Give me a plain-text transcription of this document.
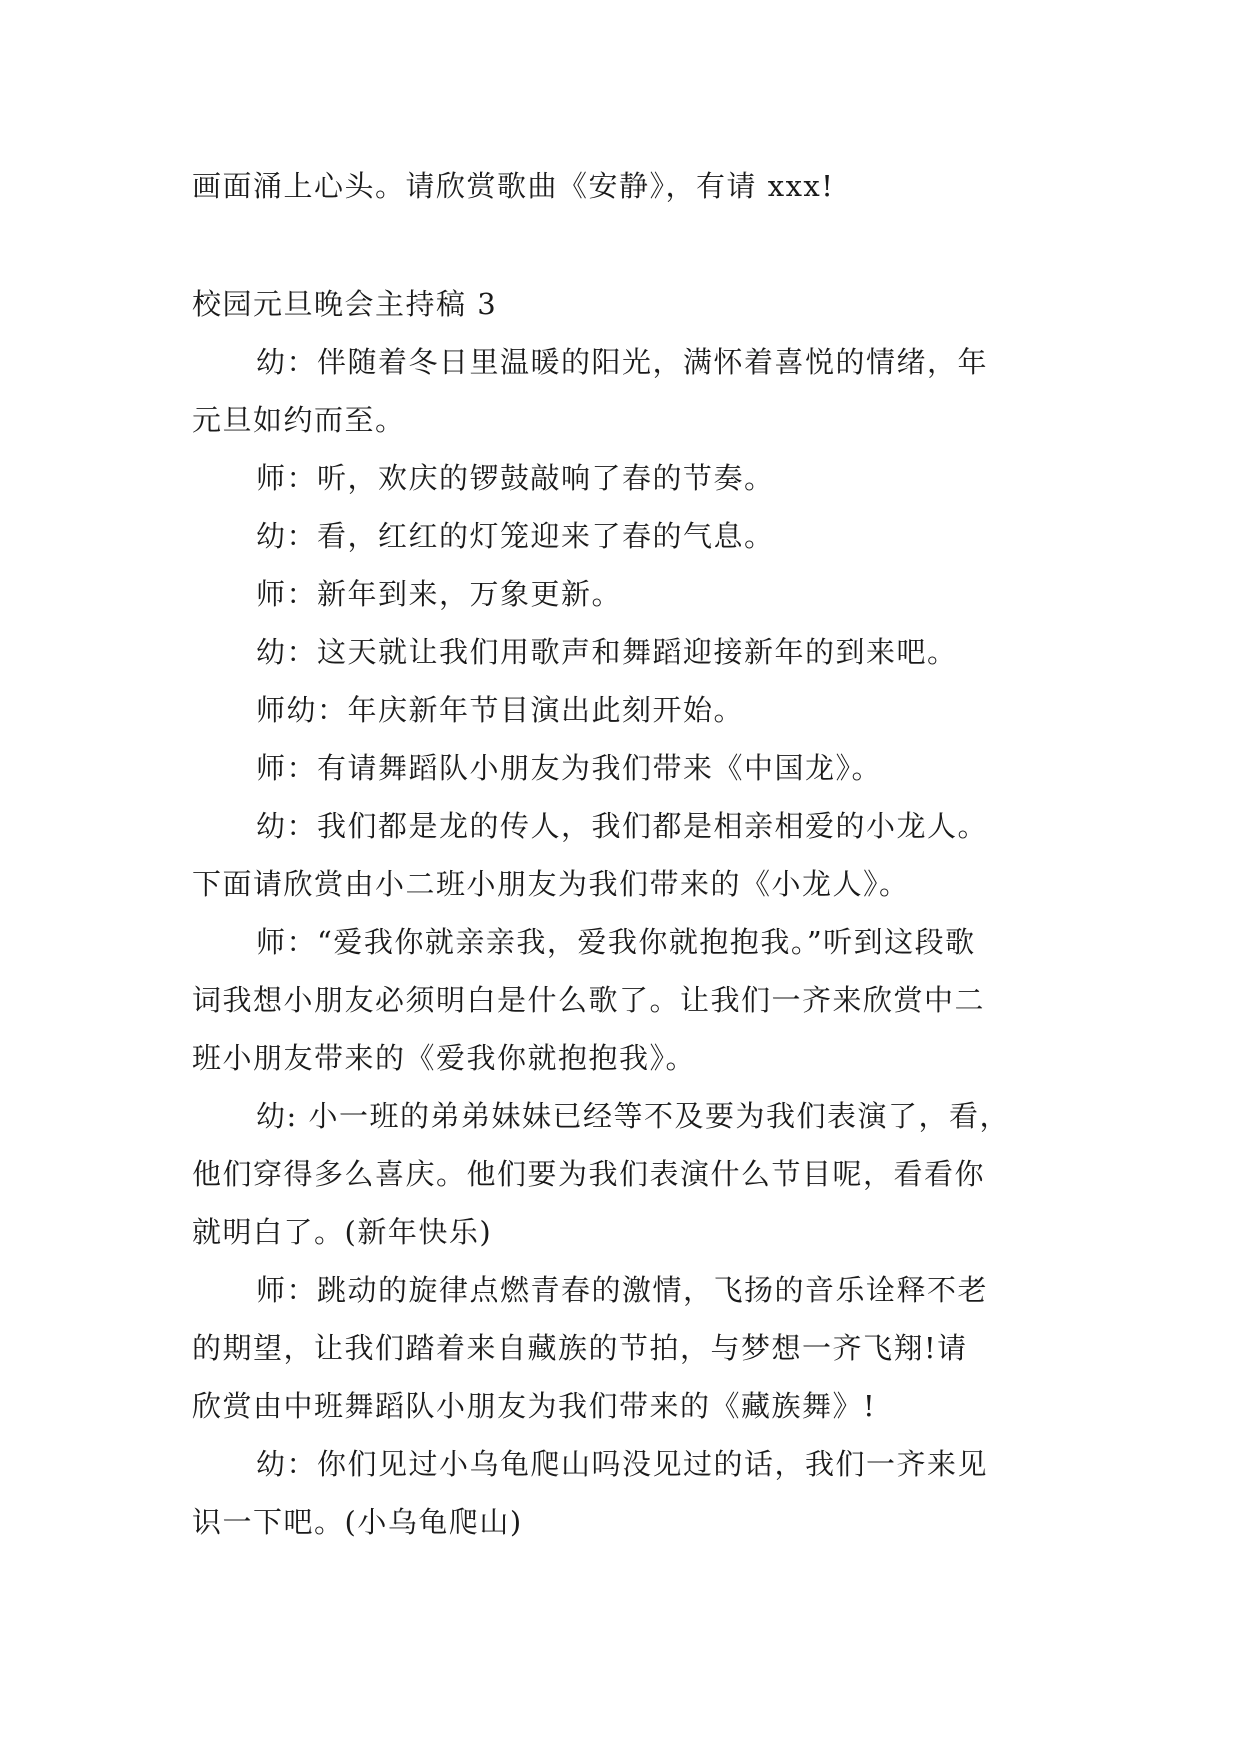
画面涌上心头。请欣赏歌曲《安静》，有请 xxx!
校园元旦晚会主持稿 3
幼：伴随着冬日里温暖的阳光，满怀着喜悦的情绪，年
元旦如约而至。
师：听，欢庆的锣鼓敲响了春的节奏。
幼：看，红红的灯笼迎来了春的气息。
师：新年到来，万象更新。
幼：这天就让我们用歌声和舞蹈迎接新年的到来吧。
师幼：年庆新年节目演出此刻开始。
师：有请舞蹈队小朋友为我们带来《中国龙》。
幼：我们都是龙的传人，我们都是相亲相爱的小龙人。
下面请欣赏由小二班小朋友为我们带来的《小龙人》。
师：“爱我你就亲亲我，爱我你就抱抱我。”听到这段歌
词我想小朋友必须明白是什么歌了。让我们一齐来欣赏中二
班小朋友带来的《爱我你就抱抱我》。
幼: 小一班的弟弟妹妹已经等不及要为我们表演了，看，
他们穿得多么喜庆。他们要为我们表演什么节目呢，看看你
就明白了。(新年快乐)
师：跳动的旋律点燃青春的激情，飞扬的音乐诠释不老
的期望，让我们踏着来自藏族的节拍，与梦想一齐飞翔!请
欣赏由中班舞蹈队小朋友为我们带来的《藏族舞》!
幼：你们见过小乌龟爬山吗没见过的话，我们一齐来见
识一下吧。(小乌龟爬山)
